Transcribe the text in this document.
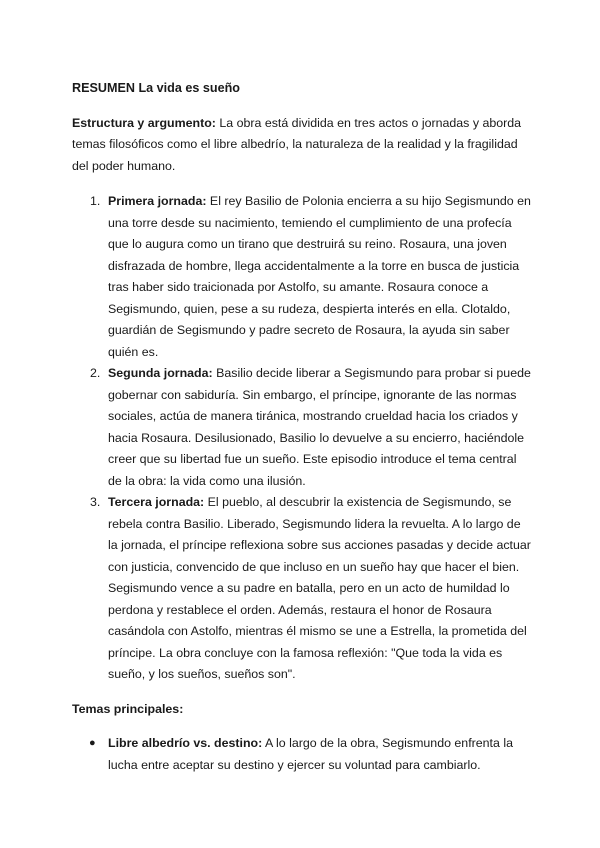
RESUMEN La vida es sueño

Estructura y argumento: La obra está dividida en tres actos o jornadas y aborda temas filosóficos como el libre albedrío, la naturaleza de la realidad y la fragilidad del poder humano.

1. Primera jornada: El rey Basilio de Polonia encierra a su hijo Segismundo en una torre desde su nacimiento, temiendo el cumplimiento de una profecía que lo augura como un tirano que destruirá su reino. Rosaura, una joven disfrazada de hombre, llega accidentalmente a la torre en busca de justicia tras haber sido traicionada por Astolfo, su amante. Rosaura conoce a Segismundo, quien, pese a su rudeza, despierta interés en ella. Clotaldo, guardián de Segismundo y padre secreto de Rosaura, la ayuda sin saber quién es.
2. Segunda jornada: Basilio decide liberar a Segismundo para probar si puede gobernar con sabiduría. Sin embargo, el príncipe, ignorante de las normas sociales, actúa de manera tiránica, mostrando crueldad hacia los criados y hacia Rosaura. Desilusionado, Basilio lo devuelve a su encierro, haciéndole creer que su libertad fue un sueño. Este episodio introduce el tema central de la obra: la vida como una ilusión.
3. Tercera jornada: El pueblo, al descubrir la existencia de Segismundo, se rebela contra Basilio. Liberado, Segismundo lidera la revuelta. A lo largo de la jornada, el príncipe reflexiona sobre sus acciones pasadas y decide actuar con justicia, convencido de que incluso en un sueño hay que hacer el bien. Segismundo vence a su padre en batalla, pero en un acto de humildad lo perdona y restablece el orden. Además, restaura el honor de Rosaura casándola con Astolfo, mientras él mismo se une a Estrella, la prometida del príncipe. La obra concluye con la famosa reflexión: "Que toda la vida es sueño, y los sueños, sueños son".
Temas principales:
● Libre albedrío vs. destino: A lo largo de la obra, Segismundo enfrenta la lucha entre aceptar su destino y ejercer su voluntad para cambiarlo.
